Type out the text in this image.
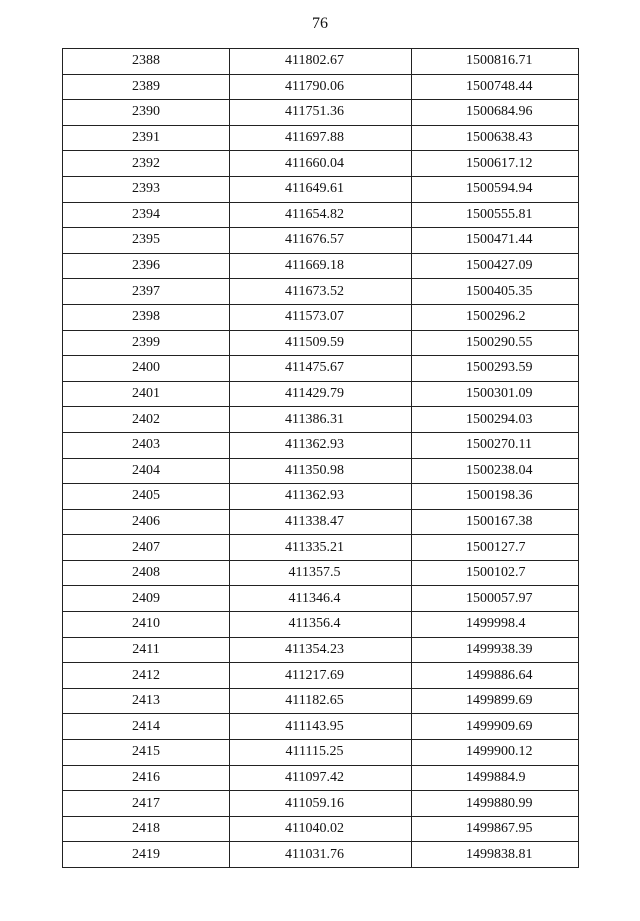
76
2388	411802.67	1500816.71
2389	411790.06	1500748.44
2390	411751.36	1500684.96
2391	411697.88	1500638.43
2392	411660.04	1500617.12
2393	411649.61	1500594.94
2394	411654.82	1500555.81
2395	411676.57	1500471.44
2396	411669.18	1500427.09
2397	411673.52	1500405.35
2398	411573.07	1500296.2
2399	411509.59	1500290.55
2400	411475.67	1500293.59
2401	411429.79	1500301.09
2402	411386.31	1500294.03
2403	411362.93	1500270.11
2404	411350.98	1500238.04
2405	411362.93	1500198.36
2406	411338.47	1500167.38
2407	411335.21	1500127.7
2408	411357.5	1500102.7
2409	411346.4	1500057.97
2410	411356.4	1499998.4
2411	411354.23	1499938.39
2412	411217.69	1499886.64
2413	411182.65	1499899.69
2414	411143.95	1499909.69
2415	411115.25	1499900.12
2416	411097.42	1499884.9
2417	411059.16	1499880.99
2418	411040.02	1499867.95
2419	411031.76	1499838.81
